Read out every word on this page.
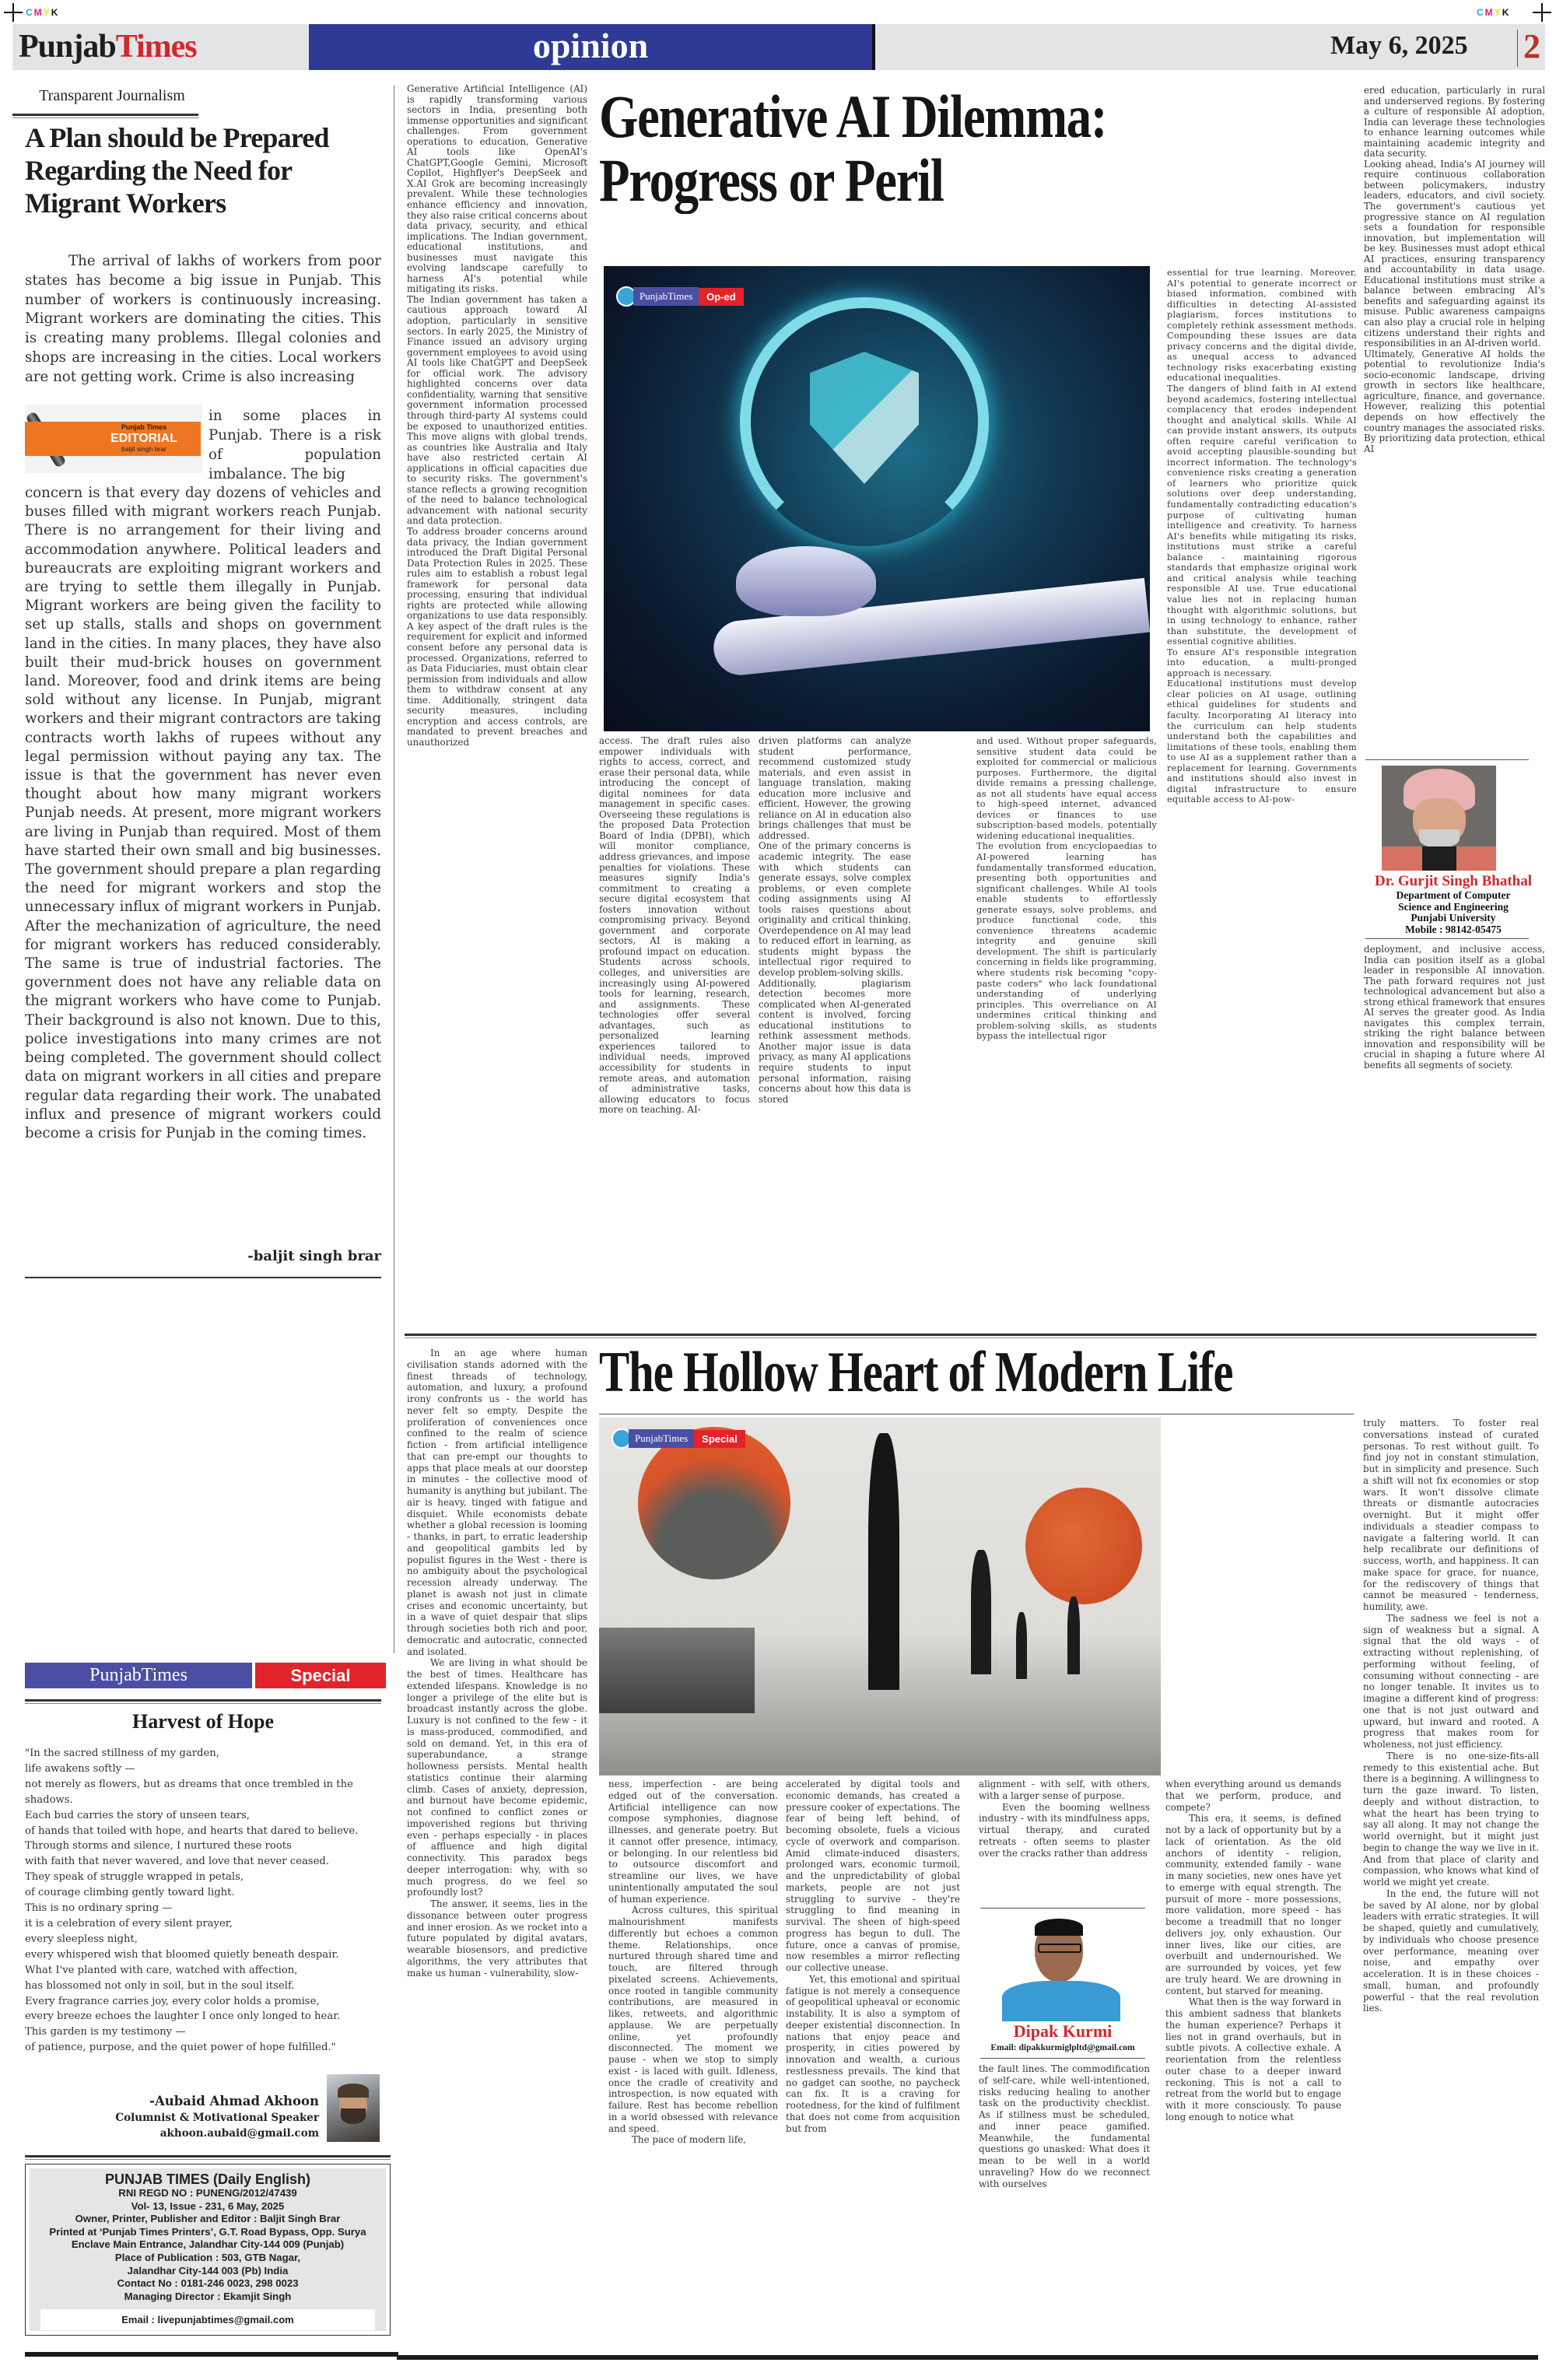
CMYK	CMYK
PunjabTimes	opinion	May 6, 2025 2
Transparent Journalism
A Plan should be Prepared Regarding the Need for Migrant Workers
The arrival of lakhs of workers from poor states has become a big issue in Punjab. This number of workers is continuously increasing. Migrant workers are dominating the cities. This is creating many problems. Illegal colonies and shops are increasing in the cities. Local workers are not getting work. Crime is also increasing
Punjab Times
EDITORIAL
baljit singh brar
in some places in Punjab. There is a risk of population imbalance. The big
concern is that every day dozens of vehicles and buses filled with migrant workers reach Punjab. There is no arrangement for their living and accommodation anywhere. Political leaders and bureaucrats are exploiting migrant workers and are trying to settle them illegally in Punjab. Migrant workers are being given the facility to set up stalls, stalls and shops on government land in the cities. In many places, they have also built their mud-brick houses on government land. Moreover, food and drink items are being sold without any license. In Punjab, migrant workers and their migrant contractors are taking contracts worth lakhs of rupees without any legal permission without paying any tax. The issue is that the government has never even thought about how many migrant workers Punjab needs. At present, more migrant workers are living in Punjab than required. Most of them have started their own small and big businesses. The government should prepare a plan regarding the need for migrant workers and stop the unnecessary influx of migrant workers in Punjab. After the mechanization of agriculture, the need for migrant workers has reduced considerably. The same is true of industrial factories. The government does not have any reliable data on the migrant workers who have come to Punjab. Their background is also not known. Due to this, police investigations into many crimes are not being completed. The government should collect data on migrant workers in all cities and prepare regular data regarding their work. The unabated influx and presence of migrant workers could become a crisis for Punjab in the coming times.
-baljit singh brar
PunjabTimes	Special
Harvest of Hope
"In the sacred stillness of my garden,
life awakens softly —
not merely as flowers, but as dreams that once trembled in the shadows.
Each bud carries the story of unseen tears,
of hands that toiled with hope, and hearts that dared to believe.
Through storms and silence, I nurtured these roots
with faith that never wavered, and love that never ceased.
They speak of struggle wrapped in petals,
of courage climbing gently toward light.
This is no ordinary spring —
it is a celebration of every silent prayer,
every sleepless night,
every whispered wish that bloomed quietly beneath despair.
What I've planted with care, watched with affection,
has blossomed not only in soil, but in the soul itself.
Every fragrance carries joy, every color holds a promise,
every breeze echoes the laughter I once only longed to hear.
This garden is my testimony —
of patience, purpose, and the quiet power of hope fulfilled."
-Aubaid Ahmad Akhoon
Columnist & Motivational Speaker
akhoon.aubaid@gmail.com
PUNJAB TIMES (Daily English)
RNI REGD NO : PUNENG/2012/47439
Vol- 13, Issue - 231, 6 May, 2025
Owner, Printer, Publisher and Editor : Baljit Singh Brar
Printed at ‘Punjab Times Printers’, G.T. Road Bypass, Opp. Surya
Enclave Main Entrance, Jalandhar City-144 009 (Punjab)
Place of Publication : 503, GTB Nagar,
Jalandhar City-144 003 (Pb) India
Contact No : 0181-246 0023, 298 0023
Managing Director : Ekamjit Singh
Email : livepunjabtimes@gmail.com

Generative Artificial Intelligence (AI) is rapidly transforming various sectors in India, presenting both immense opportunities and significant challenges. From government operations to education, Generative AI tools like OpenAI's ChatGPT,Google Gemini, Microsoft Copilot, Highflyer's DeepSeek and X.AI Grok are becoming increasingly prevalent. While these technologies enhance efficiency and innovation, they also raise critical concerns about data privacy, security, and ethical implications. The Indian government, educational institutions, and businesses must navigate this evolving landscape carefully to harness AI's potential while mitigating its risks.

The Indian government has taken a cautious approach toward AI adoption, particularly in sensitive sectors. In early 2025, the Ministry of Finance issued an advisory urging government employees to avoid using AI tools like ChatGPT and DeepSeek for official work. The advisory highlighted concerns over data confidentiality, warning that sensitive government information processed through third-party AI systems could be exposed to unauthorized entities. This move aligns with global trends, as countries like Australia and Italy have also restricted certain AI applications in official capacities due to security risks. The government's stance reflects a growing recognition of the need to balance technological advancement with national security and data protection.

To address broader concerns around data privacy, the Indian government introduced the Draft Digital Personal Data Protection Rules in 2025. These rules aim to establish a robust legal framework for personal data processing, ensuring that individual rights are protected while allowing organizations to use data responsibly. A key aspect of the draft rules is the requirement for explicit and informed consent before any personal data is processed. Organizations, referred to as Data Fiduciaries, must obtain clear permission from individuals and allow them to withdraw consent at any time. Additionally, stringent data security measures, including encryption and access controls, are mandated to prevent breaches and unauthorized

Generative AI Dilemma:
Progress or Peril
PunjabTimes	Op-ed

access. The draft rules also empower individuals with rights to access, correct, and erase their personal data, while introducing the concept of digital nominees for data management in specific cases. Overseeing these regulations is the proposed Data Protection Board of India (DPBI), which will monitor compliance, address grievances, and impose penalties for violations. These measures signify India's commitment to creating a secure digital ecosystem that fosters innovation without compromising privacy. Beyond government and corporate sectors, AI is making a profound impact on education. Students across schools, colleges, and universities are increasingly using AI-powered tools for learning, research, and assignments. These technologies offer several advantages, such as personalized learning experiences tailored to individual needs, improved accessibility for students in remote areas, and automation of administrative tasks, allowing educators to focus more on teaching. AI-

driven platforms can analyze student performance, recommend customized study materials, and even assist in language translation, making education more inclusive and efficient. However, the growing reliance on AI in education also brings challenges that must be addressed.

One of the primary concerns is academic integrity. The ease with which students can generate essays, solve complex problems, or even complete coding assignments using AI tools raises questions about originality and critical thinking. Overdependence on AI may lead to reduced effort in learning, as students might bypass the intellectual rigor required to develop problem-solving skills.

Additionally, plagiarism detection becomes more complicated when AI-generated content is involved, forcing educational institutions to rethink assessment methods. Another major issue is data privacy, as many AI applications require students to input personal information, raising concerns about how this data is stored

and used. Without proper safeguards, sensitive student data could be exploited for commercial or malicious purposes. Furthermore, the digital divide remains a pressing challenge, as not all students have equal access to high-speed internet, advanced devices or finances to use subscription-based models, potentially widening educational inequalities.

The evolution from encyclopaedias to AI-powered learning has fundamentally transformed education, presenting both opportunities and significant challenges. While AI tools enable students to effortlessly generate essays, solve problems, and produce functional code, this convenience threatens academic integrity and genuine skill development. The shift is particularly concerning in fields like programming, where students risk becoming "copy-paste coders" who lack foundational understanding of underlying principles. This overreliance on AI undermines critical thinking and problem-solving skills, as students bypass the intellectual rigor

essential for true learning. Moreover, AI's potential to generate incorrect or biased information, combined with difficulties in detecting AI-assisted plagiarism, forces institutions to completely rethink assessment methods. Compounding these issues are data privacy concerns and the digital divide, as unequal access to advanced technology risks exacerbating existing educational inequalities.

The dangers of blind faith in AI extend beyond academics, fostering intellectual complacency that erodes independent thought and analytical skills. While AI can provide instant answers, its outputs often require careful verification to avoid accepting plausible-sounding but incorrect information. The technology's convenience risks creating a generation of learners who prioritize quick solutions over deep understanding, fundamentally contradicting education's purpose of cultivating human intelligence and creativity. To harness AI's benefits while mitigating its risks, institutions must strike a careful balance - maintaining rigorous standards that emphasize original work and critical analysis while teaching responsible AI use. True educational value lies not in replacing human thought with algorithmic solutions, but in using technology to enhance, rather than substitute, the development of essential cognitive abilities.

To ensure AI's responsible integration into education, a multi-pronged approach is necessary.

Educational institutions must develop clear policies on AI usage, outlining ethical guidelines for students and faculty. Incorporating AI literacy into the curriculum can help students understand both the capabilities and limitations of these tools, enabling them to use AI as a supplement rather than a replacement for learning. Governments and institutions should also invest in digital infrastructure to ensure equitable access to AI-pow-

ered education, particularly in rural and underserved regions. By fostering a culture of responsible AI adoption, India can leverage these technologies to enhance learning outcomes while maintaining academic integrity and data security.

Looking ahead, India's AI journey will require continuous collaboration between policymakers, industry leaders, educators, and civil society. The government's cautious yet progressive stance on AI regulation sets a foundation for responsible innovation, but implementation will be key. Businesses must adopt ethical AI practices, ensuring transparency and accountability in data usage. Educational institutions must strike a balance between embracing AI's benefits and safeguarding against its misuse. Public awareness campaigns can also play a crucial role in helping citizens understand their rights and responsibilities in an AI-driven world.

Ultimately, Generative AI holds the potential to revolutionize India's socio-economic landscape, driving growth in sectors like healthcare, agriculture, finance, and governance. However, realizing this potential depends on how effectively the country manages the associated risks. By prioritizing data protection, ethical AI

Dr. Gurjit Singh Bhathal
Department of Computer
Science and Engineering
Punjabi University
Mobile : 98142-05475

deployment, and inclusive access, India can position itself as a global leader in responsible AI innovation. The path forward requires not just technological advancement but also a strong ethical framework that ensures AI serves the greater good. As India navigates this complex terrain, striking the right balance between innovation and responsibility will be crucial in shaping a future where AI benefits all segments of society.

In an age where human civilisation stands adorned with the finest threads of technology, automation, and luxury, a profound irony confronts us - the world has never felt so empty. Despite the proliferation of conveniences once confined to the realm of science fiction - from artificial intelligence that can pre-empt our thoughts to apps that place meals at our doorstep in minutes - the collective mood of humanity is anything but jubilant. The air is heavy, tinged with fatigue and disquiet. While economists debate whether a global recession is looming - thanks, in part, to erratic leadership and geopolitical gambits led by populist figures in the West - there is no ambiguity about the psychological recession already underway. The planet is awash not just in climate crises and economic uncertainty, but in a wave of quiet despair that slips through societies both rich and poor, democratic and autocratic, connected and isolated.

We are living in what should be the best of times. Healthcare has extended lifespans. Knowledge is no longer a privilege of the elite but is broadcast instantly across the globe. Luxury is not confined to the few - it is mass-produced, commodified, and sold on demand. Yet, in this era of superabundance, a strange hollowness persists. Mental health statistics continue their alarming climb. Cases of anxiety, depression, and burnout have become epidemic, not confined to conflict zones or impoverished regions but thriving even - perhaps especially - in places of affluence and high digital connectivity. This paradox begs deeper interrogation: why, with so much progress, do we feel so profoundly lost?

The answer, it seems, lies in the dissonance between outer progress and inner erosion. As we rocket into a future populated by digital avatars, wearable biosensors, and predictive algorithms, the very attributes that make us human - vulnerability, slow-

The Hollow Heart of Modern Life
PunjabTimes	Special

ness, imperfection - are being edged out of the conversation. Artificial intelligence can now compose symphonies, diagnose illnesses, and generate poetry. But it cannot offer presence, intimacy, or belonging. In our relentless bid to outsource discomfort and streamline our lives, we have unintentionally amputated the soul of human experience.

Across cultures, this spiritual malnourishment manifests differently but echoes a common theme. Relationships, once nurtured through shared time and touch, are filtered through pixelated screens. Achievements, once rooted in tangible community contributions, are measured in likes, retweets, and algorithmic applause. We are perpetually online, yet profoundly disconnected. The moment we pause - when we stop to simply exist - is laced with guilt. Idleness, once the cradle of creativity and introspection, is now equated with failure. Rest has become rebellion in a world obsessed with relevance and speed.

The pace of modern life,

accelerated by digital tools and economic demands, has created a pressure cooker of expectations. The fear of being left behind, of becoming obsolete, fuels a vicious cycle of overwork and comparison. Amid climate-induced disasters, prolonged wars, economic turmoil, and the unpredictability of global markets, people are not just struggling to survive - they're struggling to find meaning in survival. The sheen of high-speed progress has begun to dull. The future, once a canvas of promise, now resembles a mirror reflecting our collective unease.

Yet, this emotional and spiritual fatigue is not merely a consequence of geopolitical upheaval or economic instability. It is also a symptom of deeper existential disconnection. In nations that enjoy peace and prosperity, in cities powered by innovation and wealth, a curious restlessness prevails. The kind that no gadget can soothe, no paycheck can fix. It is a craving for rootedness, for the kind of fulfilment that does not come from acquisition but from

alignment - with self, with others, with a larger sense of purpose.

Even the booming wellness industry - with its mindfulness apps, virtual therapy, and curated retreats - often seems to plaster over the cracks rather than address

Dipak Kurmi
Email: dipakkurmiglpltd@gmail.com

the fault lines. The commodification of self-care, while well-intentioned, risks reducing healing to another task on the productivity checklist. As if stillness must be scheduled, and inner peace gamified. Meanwhile, the fundamental questions go unasked: What does it mean to be well in a world unraveling? How do we reconnect with ourselves

when everything around us demands that we perform, produce, and compete?

This era, it seems, is defined not by a lack of opportunity but by a lack of orientation. As the old anchors of identity - religion, community, extended family - wane in many societies, new ones have yet to emerge with equal strength. The pursuit of more - more possessions, more validation, more speed - has become a treadmill that no longer delivers joy, only exhaustion. Our inner lives, like our cities, are overbuilt and undernourished. We are surrounded by voices, yet few are truly heard. We are drowning in content, but starved for meaning.

What then is the way forward in this ambient sadness that blankets the human experience? Perhaps it lies not in grand overhauls, but in subtle pivots. A collective exhale. A reorientation from the relentless outer chase to a deeper inward reckoning. This is not a call to retreat from the world but to engage with it more consciously. To pause long enough to notice what

truly matters. To foster real conversations instead of curated personas. To rest without guilt. To find joy not in constant stimulation, but in simplicity and presence. Such a shift will not fix economies or stop wars. It won't dissolve climate threats or dismantle autocracies overnight. But it might offer individuals a steadier compass to navigate a faltering world. It can help recalibrate our definitions of success, worth, and happiness. It can make space for grace, for nuance, for the rediscovery of things that cannot be measured - tenderness, humility, awe.

The sadness we feel is not a sign of weakness but a signal. A signal that the old ways - of extracting without replenishing, of performing without feeling, of consuming without connecting - are no longer tenable. It invites us to imagine a different kind of progress: one that is not just outward and upward, but inward and rooted. A progress that makes room for wholeness, not just efficiency.

There is no one-size-fits-all remedy to this existential ache. But there is a beginning. A willingness to turn the gaze inward. To listen, deeply and without distraction, to what the heart has been trying to say all along. It may not change the world overnight, but it might just begin to change the way we live in it. And from that place of clarity and compassion, who knows what kind of world we might yet create.

In the end, the future will not be saved by AI alone, nor by global leaders with erratic strategies. It will be shaped, quietly and cumulatively, by individuals who choose presence over performance, meaning over noise, and empathy over acceleration. It is in these choices - small, human, and profoundly powerful - that the real revolution lies.
